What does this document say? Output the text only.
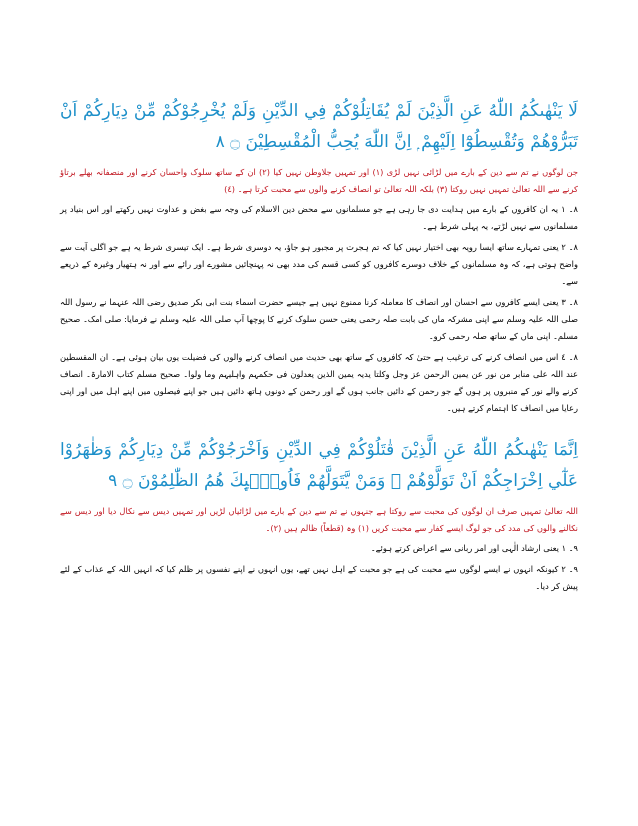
لَا يَنْهٰىكُمُ اللّٰهُ عَنِ الَّذِيْنَ لَمْ يُقَاتِلُوْكُمْ فِي الدِّيْنِ وَلَمْ يُخْرِجُوْكُمْ مِّنْ دِيَارِكُمْ اَنْ تَبَرُّوْهُمْ وَتُقْسِطُوْٓا اِلَيْهِمْ ۭ اِنَّ اللّٰهَ يُحِبُّ الْمُقْسِطِيْنَ ۝ ۸

جن لوگوں نے تم سے دین کے بارے میں لڑائی نہیں لڑی (۱) اور تمہیں جلاوطن نہیں کیا (۲) ان کے ساتھ سلوک واحسان کرنے اور منصفانہ بھلے برتاؤ کرنے سے اللہ تعالیٰ تمہیں نہیں روکتا (۳) بلکہ اللہ تعالیٰ تو انصاف کرنے والوں سے محبت کرتا ہے۔ (٤)

۸۔ ۱ یہ ان کافروں کے بارے میں ہدایت دی جا رہی ہے جو مسلمانوں سے محض دین الاسلام کی وجہ سے بغض و عداوت نہیں رکھتے اور اس بنیاد پر مسلمانوں سے نہیں لڑتے، یہ پہلی شرط ہے۔

۸۔ ۲ یعنی تمہارے ساتھ ایسا رویہ بھی اختیار نہیں کیا کہ تم ہجرت پر مجبور ہو جاؤ، یہ دوسری شرط ہے۔ ایک تیسری شرط یہ ہے جو اگلی آیت سے واضح ہوتی ہے، کہ وہ مسلمانوں کے خلاف دوسرے کافروں کو کسی قسم کی مدد بھی نہ پہنچائیں مشورے اور رائے سے اور نہ ہتھیار وغیرہ کے ذریعے سے۔

۸۔ ۳ یعنی ایسے کافروں سے احسان اور انصاف کا معاملہ کرنا ممنوع نہیں ہے جیسے حضرت اسماء بنت ابی بکر صدیق رضی اللہ عنہما نے رسول اللہ صلی اللہ علیہ وسلم سے اپنی مشرکہ ماں کی بابت صلہ رحمی یعنی حسن سلوک کرنے کا پوچھا آپ صلی اللہ علیہ وسلم نے فرمایا: صلی امک۔ صحیح مسلم۔ اپنی ماں کے ساتھ صلہ رحمی کرو۔

۸۔ ٤ اس میں انصاف کرنے کی ترغیب ہے حتیٰ کہ کافروں کے ساتھ بھی حدیث میں انصاف کرنے والوں کی فضیلت یوں بیان ہوئی ہے۔ ان المقسطین عند اللہ علی منابر من نور عن یمین الرحمن عز وجل وکلتا یدیہ یمین الذین یعدلون فی حکمہم واہلیہم وما ولوا۔ صحیح مسلم کتاب الامارۃ۔ انصاف کرنے والے نور کے منبروں پر ہوں گے جو رحمن کے دائیں جانب ہوں گے اور رحمن کے دونوں ہاتھ دائیں ہیں جو اپنے فیصلوں میں اپنے اہل میں اور اپنی رعایا میں انصاف کا اہتمام کرتے ہیں۔

اِنَّمَا يَنْهٰىكُمُ اللّٰهُ عَنِ الَّذِيْنَ قٰتَلُوْكُمْ فِي الدِّيْنِ وَاَخْرَجُوْكُمْ مِّنْ دِيَارِكُمْ وَظٰهَرُوْا عَلٰٓي اِخْرَاجِكُمْ اَنْ تَوَلَّوْهُمْ ۚ وَمَنْ يَّتَوَلَّهُمْ فَاُولٰۗىِٕكَ هُمُ الظّٰلِمُوْنَ ۝ ۹

اللہ تعالیٰ تمہیں صرف ان لوگوں کی محبت سے روکتا ہے جنہوں نے تم سے دین کے بارے میں لڑائیاں لڑیں اور تمہیں دیس سے نکال دیا اور دیس سے نکالنے والوں کی مدد کی جو لوگ ایسے کفار سے محبت کریں (۱) وہ (قطعاً) ظالم ہیں (۲)۔

۹۔ ۱ یعنی ارشاد الٰہی اور امر ربانی سے اعراض کرتے ہوئے۔

۹۔ ۲ کیونکہ انہوں نے ایسے لوگوں سے محبت کی ہے جو محبت کے اہل نہیں تھے، یوں انہوں نے اپنے نفسوں پر ظلم کیا کہ انہیں اللہ کے عذاب کے لئے پیش کر دیا۔
